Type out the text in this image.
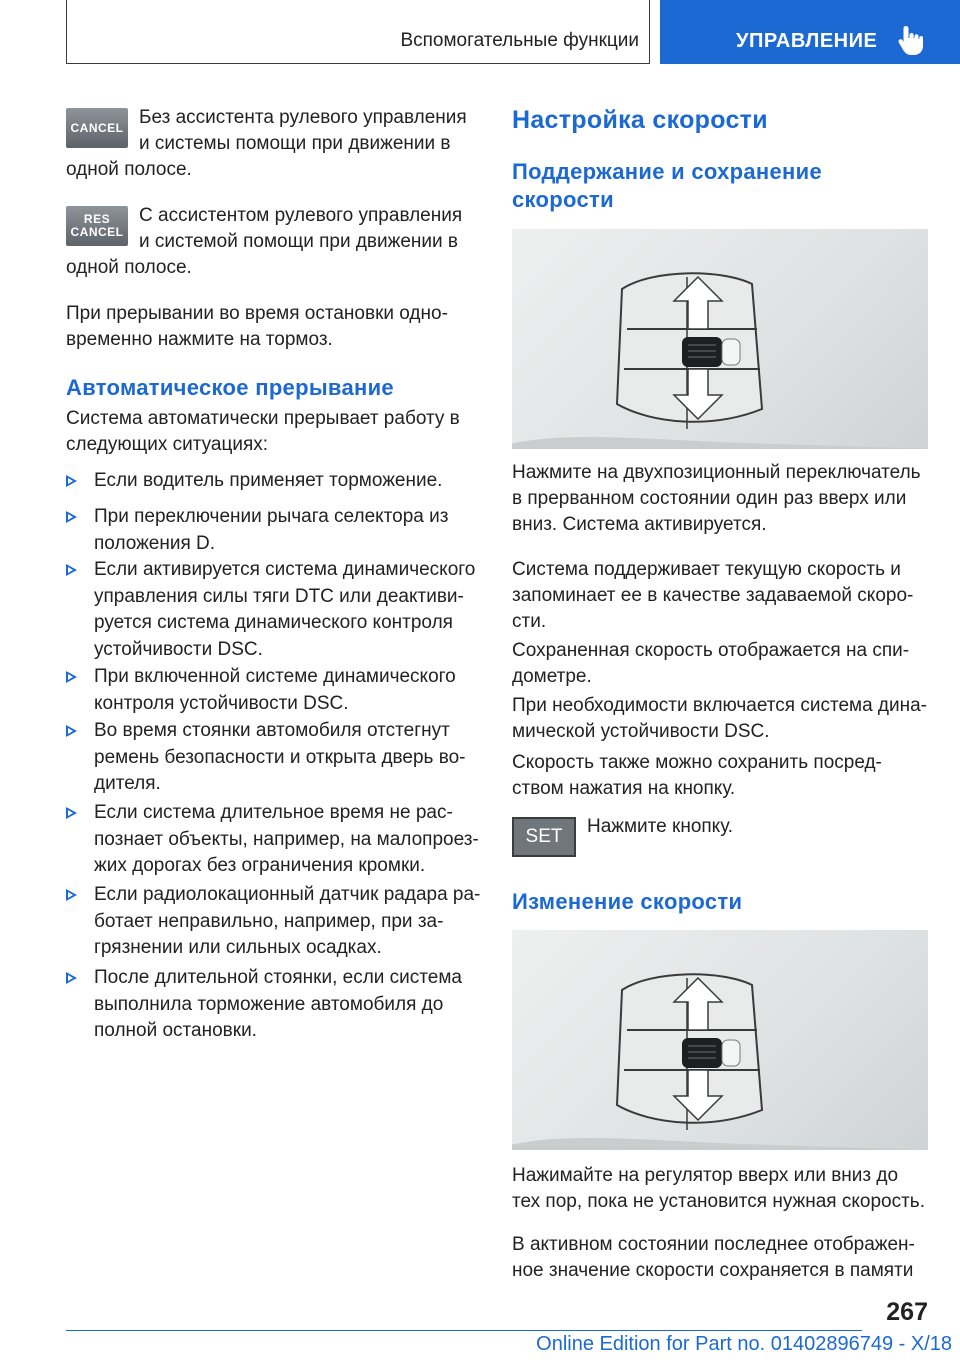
Вспомогательные функции	УПРАВЛЕНИЕ
CANCEL Без ассистента рулевого управления
и системы помощи при движении в
одной полосе.
RES
CANCEL
С ассистентом рулевого управления
и системой помощи при движении в
одной полосе.
При прерывании во время остановки одно-
временно нажмите на тормоз.
Автоматическое прерывание
Система автоматически прерывает работу в
следующих ситуациях:
Если водитель применяет торможение.
При переключении рычага селектора из
положения D.
Если активируется система динамического
управления силы тяги DTC или деактиви-
руется система динамического контроля
устойчивости DSC.
При включенной системе динамического
контроля устойчивости DSC.
Во время стоянки автомобиля отстегнут
ремень безопасности и открыта дверь во-
дителя.
Если система длительное время не рас-
познает объекты, например, на малопроез-
жих дорогах без ограничения кромки.
Если радиолокационный датчик радара ра-
ботает неправильно, например, при за-
грязнении или сильных осадках.
После длительной стоянки, если система
выполнила торможение автомобиля до
полной остановки.
Настройка скорости
Поддержание и сохранение
скорости
Нажмите на двухпозиционный переключатель
в прерванном состоянии один раз вверх или
вниз. Система активируется.
Система поддерживает текущую скорость и
запоминает ее в качестве задаваемой скоро-
сти.
Сохраненная скорость отображается на спи-
дометре.
При необходимости включается система дина-
мической устойчивости DSC.
Скорость также можно сохранить посред-
ством нажатия на кнопку.
SET Нажмите кнопку.
Изменение скорости
Нажимайте на регулятор вверх или вниз до
тех пор, пока не установится нужная скорость.
В активном состоянии последнее отображен-
ное значение скорости сохраняется в памяти
267
Online Edition for Part no. 01402896749 - X/18
